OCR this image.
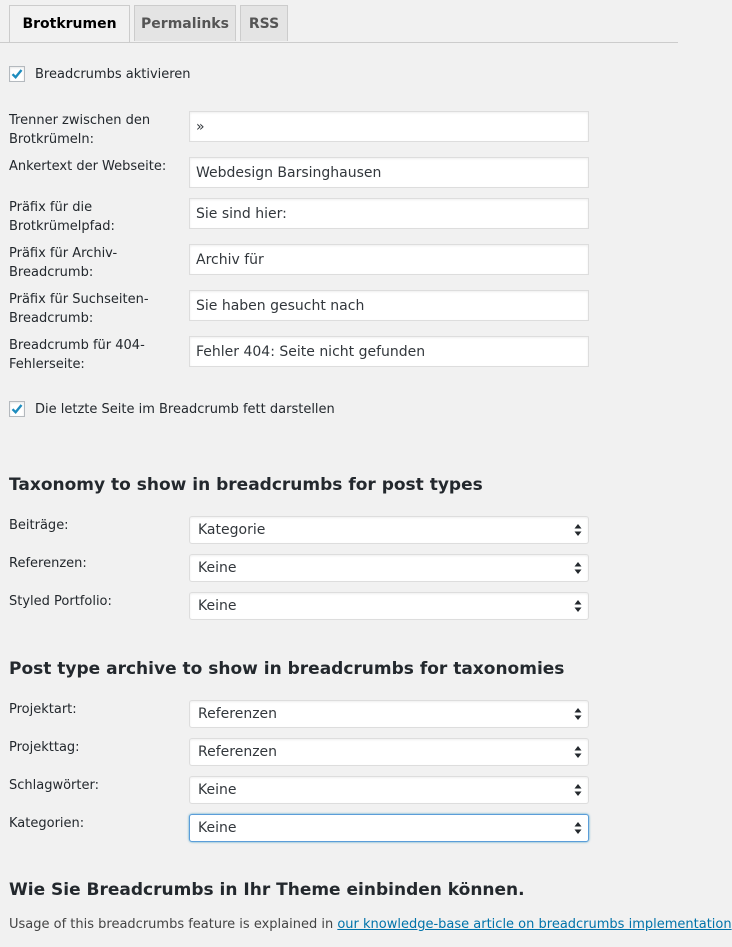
Brotkrumen	Permalinks	RSS
Breadcrumbs aktivieren
Trenner zwischen den Brotkrümeln:
»
Ankertext der Webseite:	Webdesign Barsinghausen
Präfix für die Brotkrümelpfad:
Sie sind hier:
Präfix für Archiv-Breadcrumb:
Archiv für
Präfix für Suchseiten-Breadcrumb:
Sie haben gesucht nach
Breadcrumb für 404-Fehlerseite:
Fehler 404: Seite nicht gefunden
Die letzte Seite im Breadcrumb fett darstellen
Taxonomy to show in breadcrumbs for post types
Beiträge:	Kategorie
Referenzen:	Keine
Styled Portfolio:	Keine
Post type archive to show in breadcrumbs for taxonomies
Projektart:	Referenzen
Projekttag:	Referenzen
Schlagwörter:	Keine
Kategorien:	Keine
Wie Sie Breadcrumbs in Ihr Theme einbinden können.
Usage of this breadcrumbs feature is explained in our knowledge-base article on breadcrumbs implementation
